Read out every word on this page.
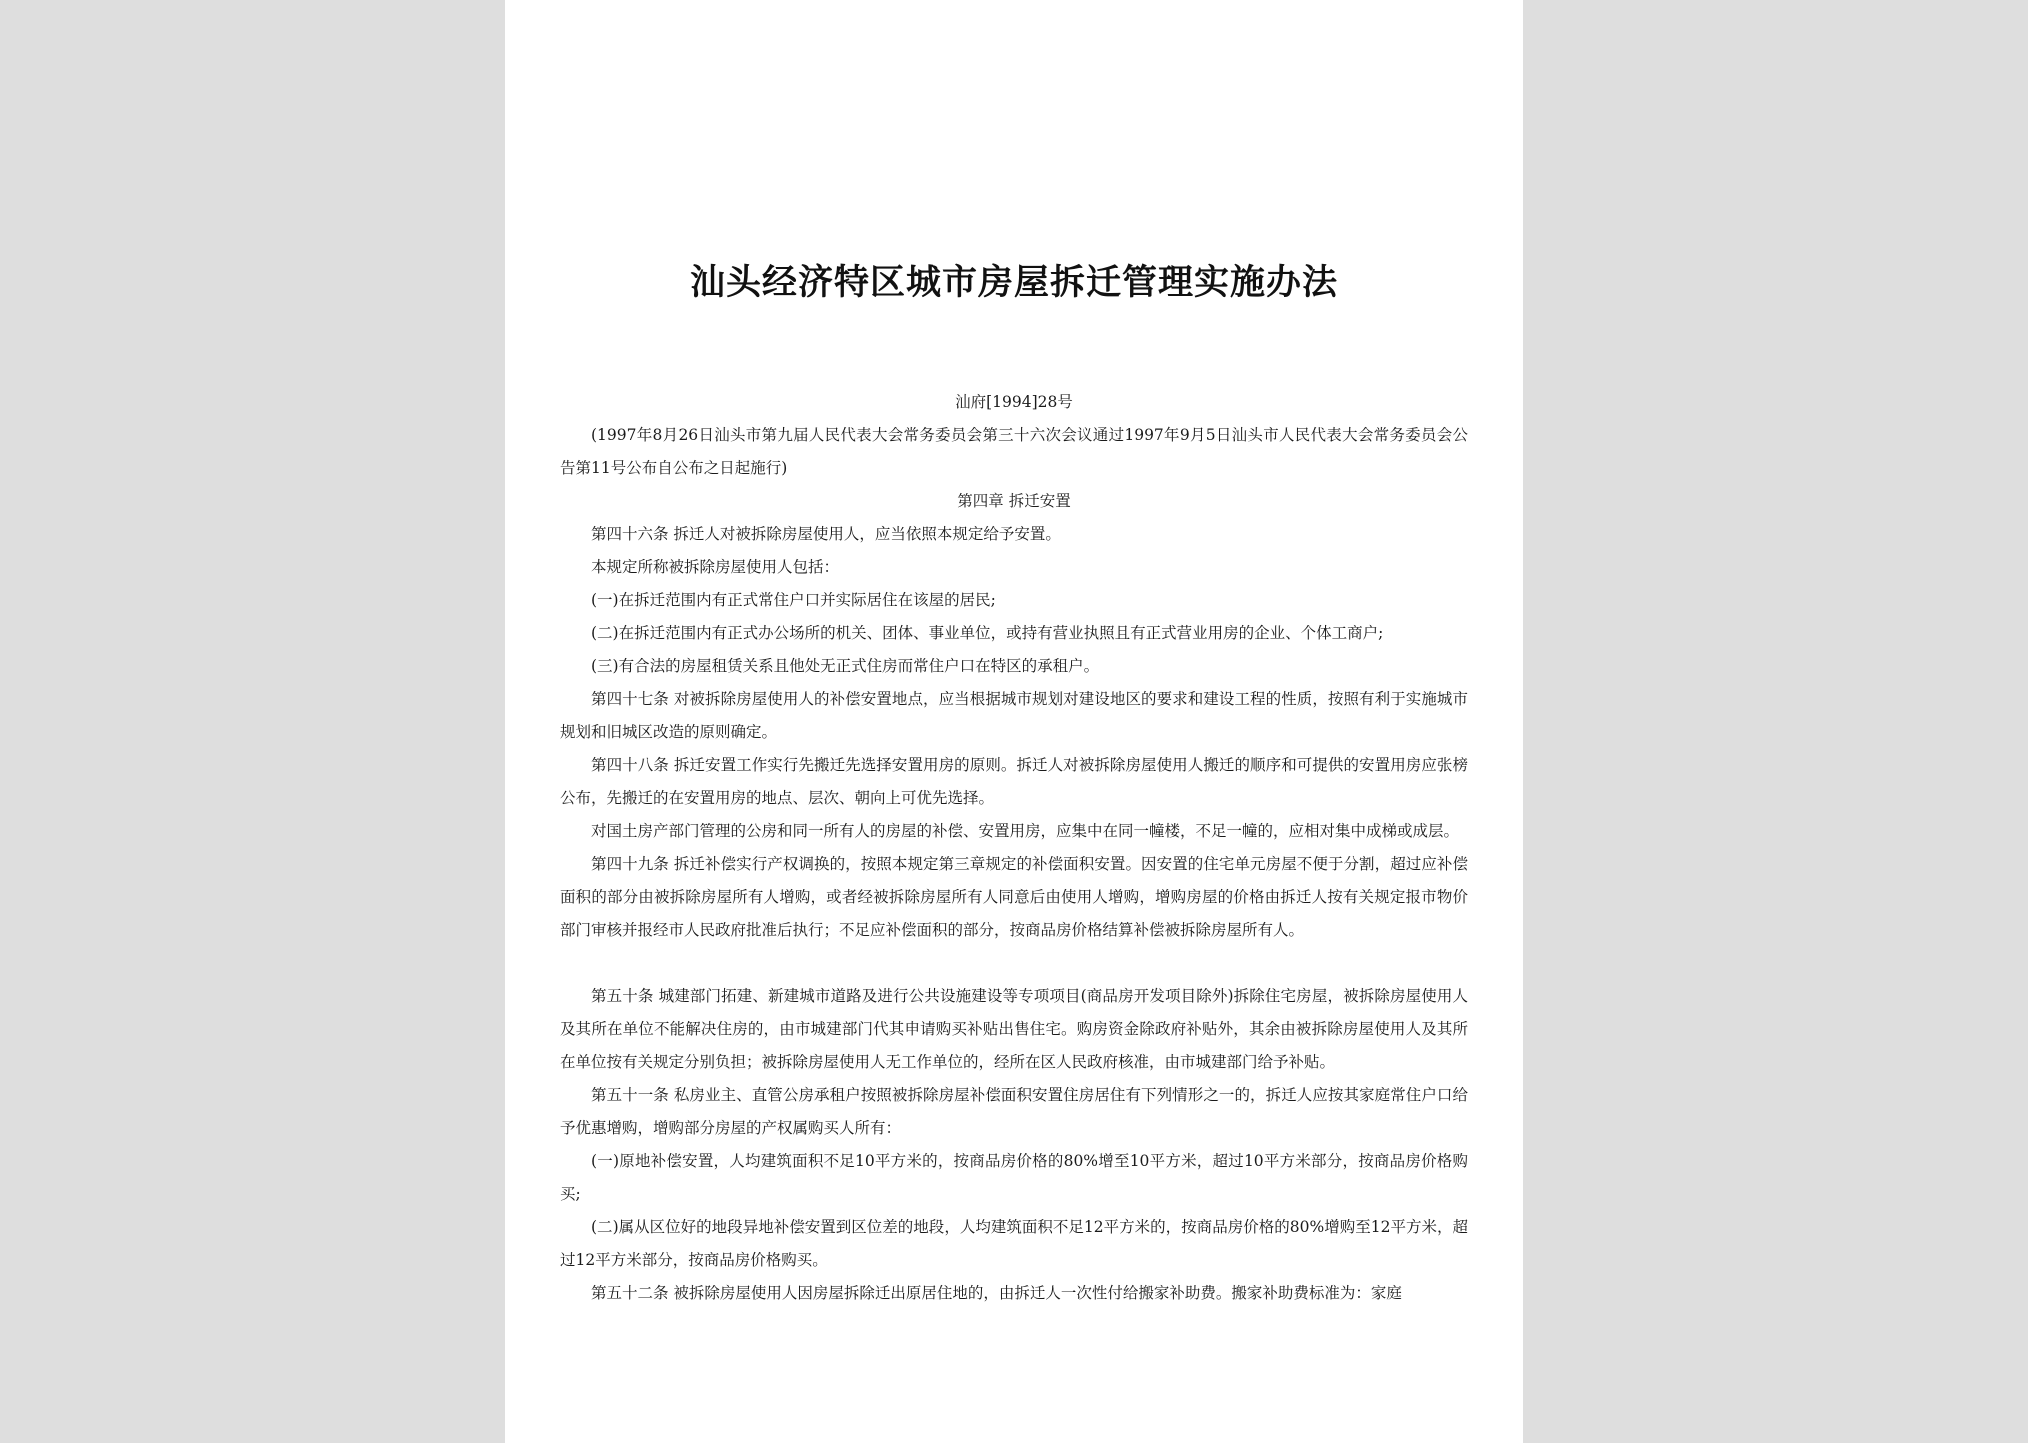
汕头经济特区城市房屋拆迁管理实施办法

汕府[1994]28号

(1997年8月26日汕头市第九届人民代表大会常务委员会第三十六次会议通过1997年9月5日汕头市人民代表大会常务委员会公告第11号公布自公布之日起施行)

第四章 拆迁安置

第四十六条 拆迁人对被拆除房屋使用人，应当依照本规定给予安置。

本规定所称被拆除房屋使用人包括：

(一)在拆迁范围内有正式常住户口并实际居住在该屋的居民;

(二)在拆迁范围内有正式办公场所的机关、团体、事业单位，或持有营业执照且有正式营业用房的企业、个体工商户;

(三)有合法的房屋租赁关系且他处无正式住房而常住户口在特区的承租户。

第四十七条 对被拆除房屋使用人的补偿安置地点，应当根据城市规划对建设地区的要求和建设工程的性质，按照有利于实施城市规划和旧城区改造的原则确定。

第四十八条 拆迁安置工作实行先搬迁先选择安置用房的原则。拆迁人对被拆除房屋使用人搬迁的顺序和可提供的安置用房应张榜公布，先搬迁的在安置用房的地点、层次、朝向上可优先选择。

对国土房产部门管理的公房和同一所有人的房屋的补偿、安置用房，应集中在同一幢楼，不足一幢的，应相对集中成梯或成层。

第四十九条 拆迁补偿实行产权调换的，按照本规定第三章规定的补偿面积安置。因安置的住宅单元房屋不便于分割，超过应补偿面积的部分由被拆除房屋所有人增购，或者经被拆除房屋所有人同意后由使用人增购，增购房屋的价格由拆迁人按有关规定报市物价部门审核并报经市人民政府批准后执行；不足应补偿面积的部分，按商品房价格结算补偿被拆除房屋所有人。

第五十条 城建部门拓建、新建城市道路及进行公共设施建设等专项项目(商品房开发项目除外)拆除住宅房屋，被拆除房屋使用人及其所在单位不能解决住房的，由市城建部门代其申请购买补贴出售住宅。购房资金除政府补贴外，其余由被拆除房屋使用人及其所在单位按有关规定分别负担；被拆除房屋使用人无工作单位的，经所在区人民政府核准，由市城建部门给予补贴。

第五十一条 私房业主、直管公房承租户按照被拆除房屋补偿面积安置住房居住有下列情形之一的，拆迁人应按其家庭常住户口给予优惠增购，增购部分房屋的产权属购买人所有：

(一)原地补偿安置，人均建筑面积不足10平方米的，按商品房价格的80%增至10平方米，超过10平方米部分，按商品房价格购买;

(二)属从区位好的地段异地补偿安置到区位差的地段，人均建筑面积不足12平方米的，按商品房价格的80%增购至12平方米，超过12平方米部分，按商品房价格购买。

第五十二条 被拆除房屋使用人因房屋拆除迁出原居住地的，由拆迁人一次性付给搬家补助费。搬家补助费标准为：家庭
